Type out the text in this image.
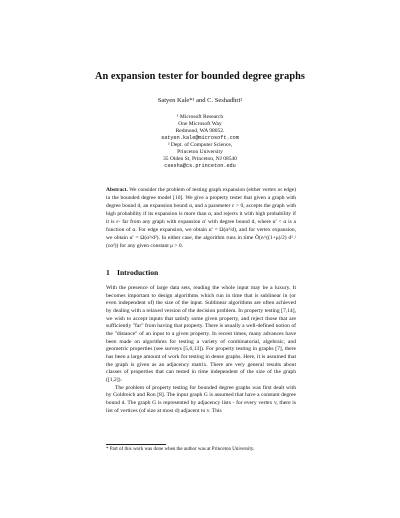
An expansion tester for bounded degree graphs
Satyen Kale*¹ and C. Seshadhri²
¹ Microsoft Research
One Microsoft Way
Redmond, WA 98052.
satyen.kale@microsoft.com
² Dept. of Computer Science,
Princeton University
35 Olden St, Princeton, NJ 08540
csesha@cs.princeton.edu
Abstract. We consider the problem of testing graph expansion (either vertex or edge) in the bounded degree model [10]. We give a property tester that given a graph with degree bound d, an expansion bound α, and a parameter ε > 0, accepts the graph with high probability if its expansion is more than α, and rejects it with high probability if it is ε- far from any graph with expansion α′ with degree bound d, where α′ < α is a function of α. For edge expansion, we obtain α′ = Ω(α²/d), and for vertex expansion, we obtain α′ = Ω(α²/d²). In either case, the algorithm runs in time Õ(n^((1+μ)/2) d² / (εα²)) for any given constant μ > 0.
1 Introduction

With the presence of large data sets, reading the whole input may be a luxury. It becomes important to design algorithms which run in time that is sublinear in (or even independent of) the size of the input. Sublinear algorithms are often achieved by dealing with a relaxed version of the decision problem. In property testing [7,14], we wish to accept inputs that satisfy some given property, and reject those that are sufficiently "far" from having that property. There is usually a well-defined notion of the "distance" of an input to a given property. In recent times, many advances have been made on algorithms for testing a variety of combinatorial, algebraic, and geometric properties (see surveys [5,6,13]). For property testing in graphs [7], there has been a large amount of work for testing in dense graphs. Here, it is assumed that the graph is given as an adjacency matrix. There are very general results about classes of properties that can tested in time independent of the size of the graph ([1,2]).

The problem of property testing for bounded degree graphs was first dealt with by Goldreich and Ron [8]. The input graph G is assumed that have a constant degree bound d. The graph G is represented by adjacency lists - for every vertex v, there is list of vertices (of size at most d) adjacent to v. This

* Part of this work was done when the author was at Princeton University.
